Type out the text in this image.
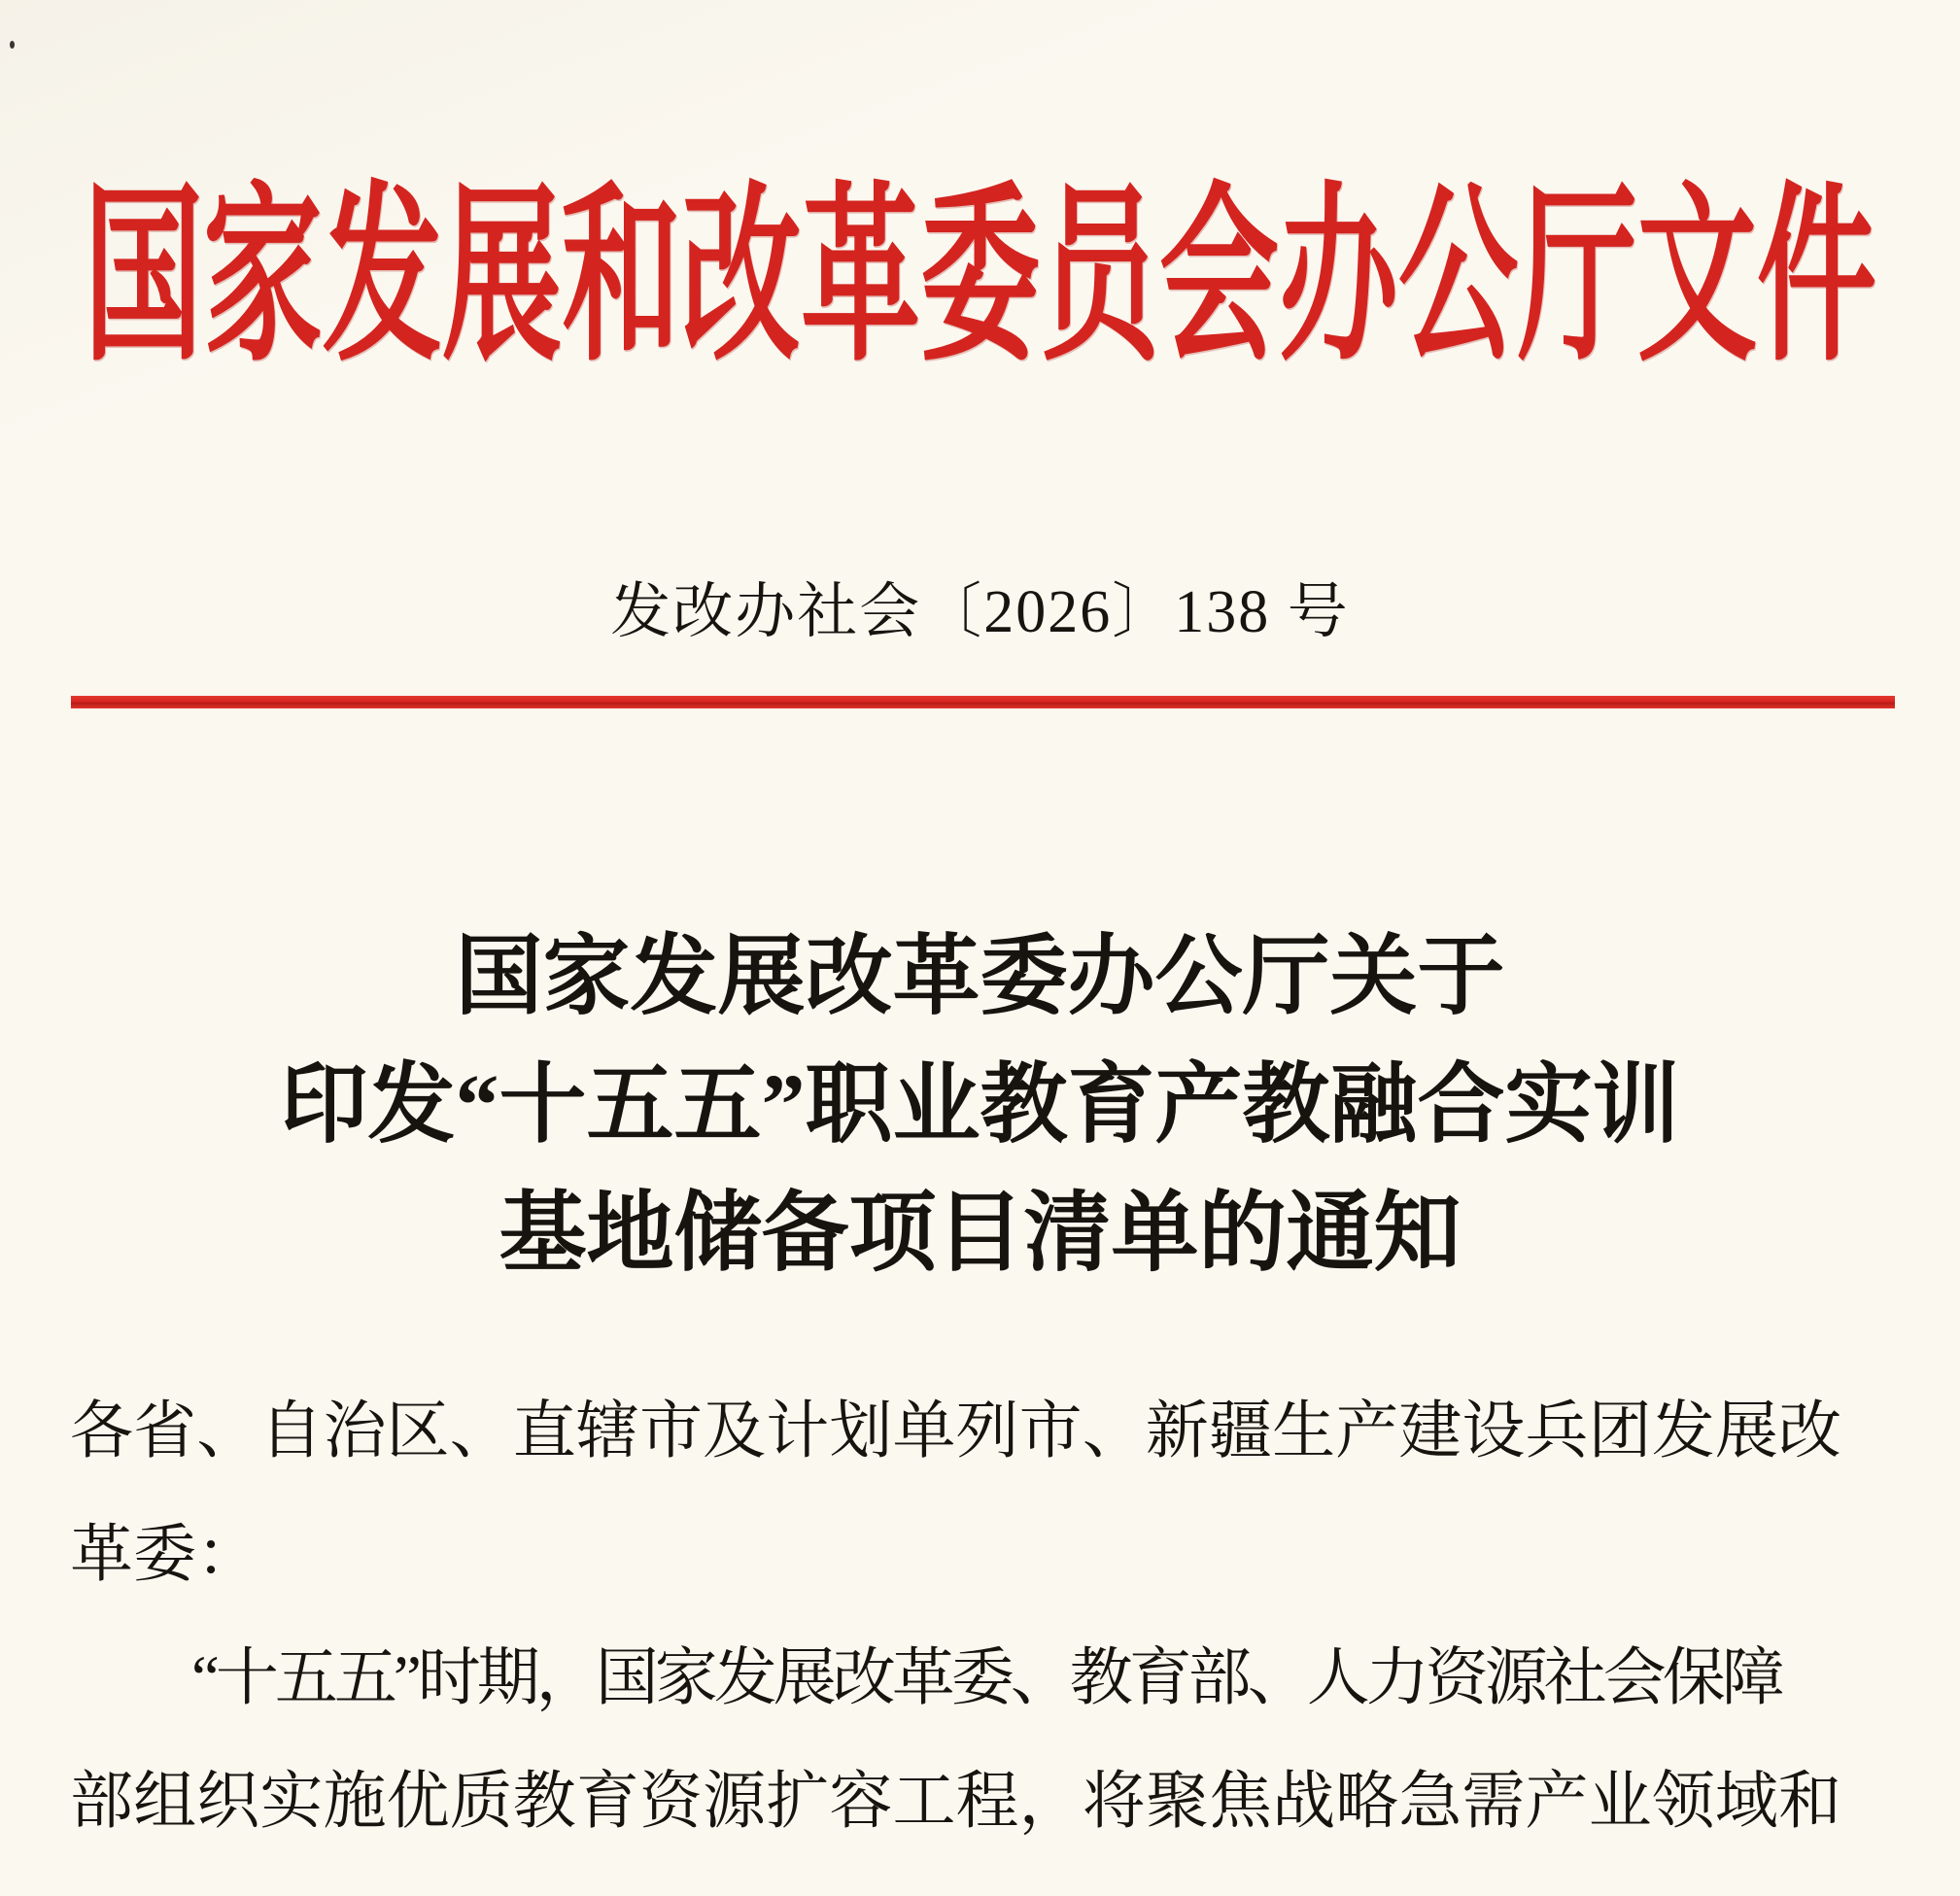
国家发展和改革委员会办公厅文件
发改办社会〔2026〕138 号
国家发展改革委办公厅关于
印发“十五五”职业教育产教融合实训
基地储备项目清单的通知
各省、自治区、直辖市及计划单列市、新疆生产建设兵团发展改
革委：
“十五五”时期，国家发展改革委、教育部、人力资源社会保障
部组织实施优质教育资源扩容工程，将聚焦战略急需产业领域和
